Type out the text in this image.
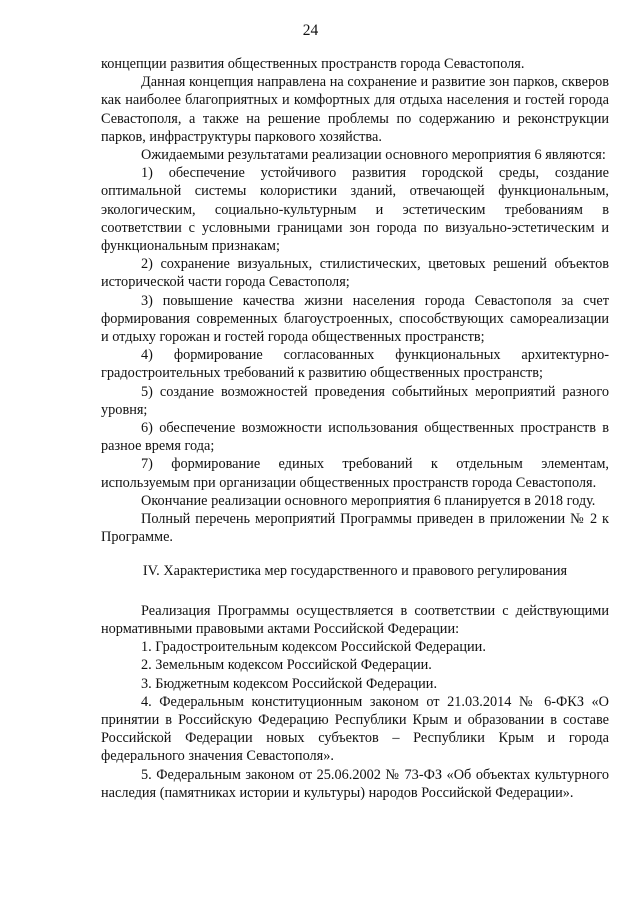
24

концепции развития общественных пространств города Севастополя.

Данная концепция направлена на сохранение и развитие зон парков, скверов как наиболее благоприятных и комфортных для отдыха населения и гостей города Севастополя, а также на решение проблемы по содержанию и реконструкции парков, инфраструктуры паркового хозяйства.

Ожидаемыми результатами реализации основного мероприятия 6 являются:

1) обеспечение устойчивого развития городской среды, создание оптимальной системы колористики зданий, отвечающей функциональным, экологическим, социально-культурным и эстетическим требованиям в соответствии с условными границами зон города по визуально-эстетическим и функциональным признакам;

2) сохранение визуальных, стилистических, цветовых решений объектов исторической части города Севастополя;

3) повышение качества жизни населения города Севастополя за счет формирования современных благоустроенных, способствующих самореализации и отдыху горожан и гостей города общественных пространств;

4) формирование согласованных функциональных архитектурно-градостроительных требований к развитию общественных пространств;

5) создание возможностей проведения событийных мероприятий разного уровня;

6) обеспечение возможности использования общественных пространств в разное время года;

7) формирование единых требований к отдельным элементам, используемым при организации общественных пространств города Севастополя.

Окончание реализации основного мероприятия 6 планируется в 2018 году.

Полный перечень мероприятий Программы приведен в приложении № 2 к Программе.

IV. Характеристика мер государственного и правового регулирования

Реализация Программы осуществляется в соответствии с действующими нормативными правовыми актами Российской Федерации:

1. Градостроительным кодексом Российской Федерации.

2. Земельным кодексом Российской Федерации.

3. Бюджетным кодексом Российской Федерации.

4. Федеральным конституционным законом от 21.03.2014 № 6-ФКЗ «О принятии в Российскую Федерацию Республики Крым и образовании в составе Российской Федерации новых субъектов – Республики Крым и города федерального значения Севастополя».

5. Федеральным законом от 25.06.2002 № 73-ФЗ «Об объектах культурного наследия (памятниках истории и культуры) народов Российской Федерации».
